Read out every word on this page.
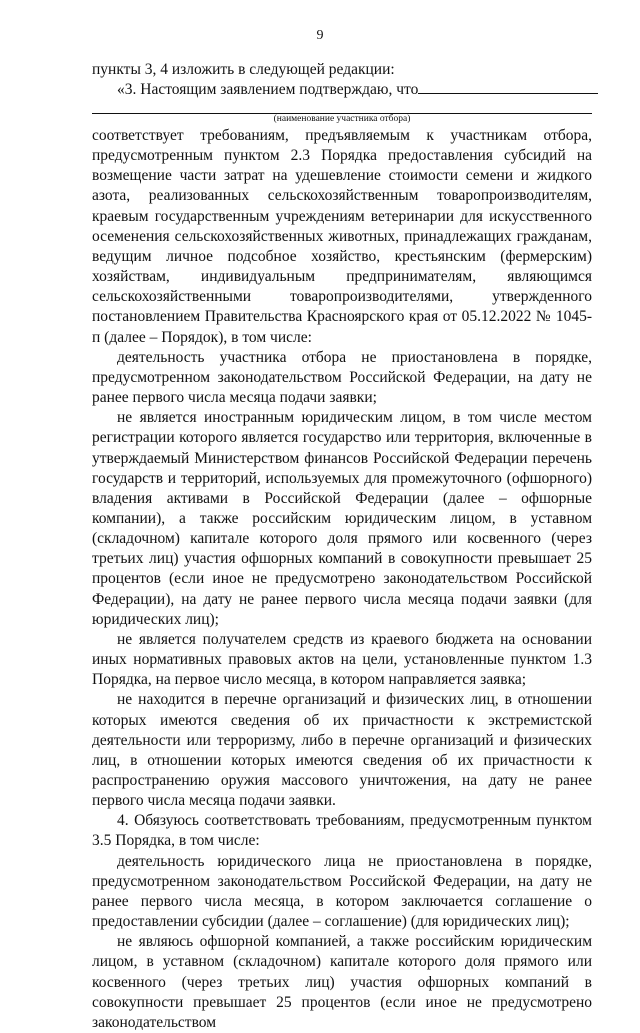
9
пункты 3, 4 изложить в следующей редакции:
«3. Настоящим заявлением подтверждаю, что
(наименование участника отбора)

соответствует требованиям, предъявляемым к участникам отбора, предусмотренным пунктом 2.3 Порядка предоставления субсидий на возмещение части затрат на удешевление стоимости семени и жидкого азота, реализованных сельскохозяйственным товаропроизводителям, краевым государственным учреждениям ветеринарии для искусственного осеменения сельскохозяйственных животных, принадлежащих гражданам, ведущим личное подсобное хозяйство, крестьянским (фермерским) хозяйствам, индивидуальным предпринимателям, являющимся сельскохозяйственными товаропроизводителями, утвержденного постановлением Правительства Красноярского края от 05.12.2022 № 1045-п (далее – Порядок), в том числе:

деятельность участника отбора не приостановлена в порядке, предусмотренном законодательством Российской Федерации, на дату не ранее первого числа месяца подачи заявки;

не является иностранным юридическим лицом, в том числе местом регистрации которого является государство или территория, включенные в утверждаемый Министерством финансов Российской Федерации перечень государств и территорий, используемых для промежуточного (офшорного) владения активами в Российской Федерации (далее – офшорные компании), а также российским юридическим лицом, в уставном (складочном) капитале которого доля прямого или косвенного (через третьих лиц) участия офшорных компаний в совокупности превышает 25 процентов (если иное не предусмотрено законодательством Российской Федерации), на дату не ранее первого числа месяца подачи заявки (для юридических лиц);

не является получателем средств из краевого бюджета на основании иных нормативных правовых актов на цели, установленные пунктом 1.3 Порядка, на первое число месяца, в котором направляется заявка;

не находится в перечне организаций и физических лиц, в отношении которых имеются сведения об их причастности к экстремистской деятельности или терроризму, либо в перечне организаций и физических лиц, в отношении которых имеются сведения об их причастности к распространению оружия массового уничтожения, на дату не ранее первого числа месяца подачи заявки.

4. Обязуюсь соответствовать требованиям, предусмотренным пунктом 3.5 Порядка, в том числе:

деятельность юридического лица не приостановлена в порядке, предусмотренном законодательством Российской Федерации, на дату не ранее первого числа месяца, в котором заключается соглашение о предоставлении субсидии (далее – соглашение) (для юридических лиц);

не являюсь офшорной компанией, а также российским юридическим лицом, в уставном (складочном) капитале которого доля прямого или косвенного (через третьих лиц) участия офшорных компаний в совокупности превышает 25 процентов (если иное не предусмотрено законодательством
